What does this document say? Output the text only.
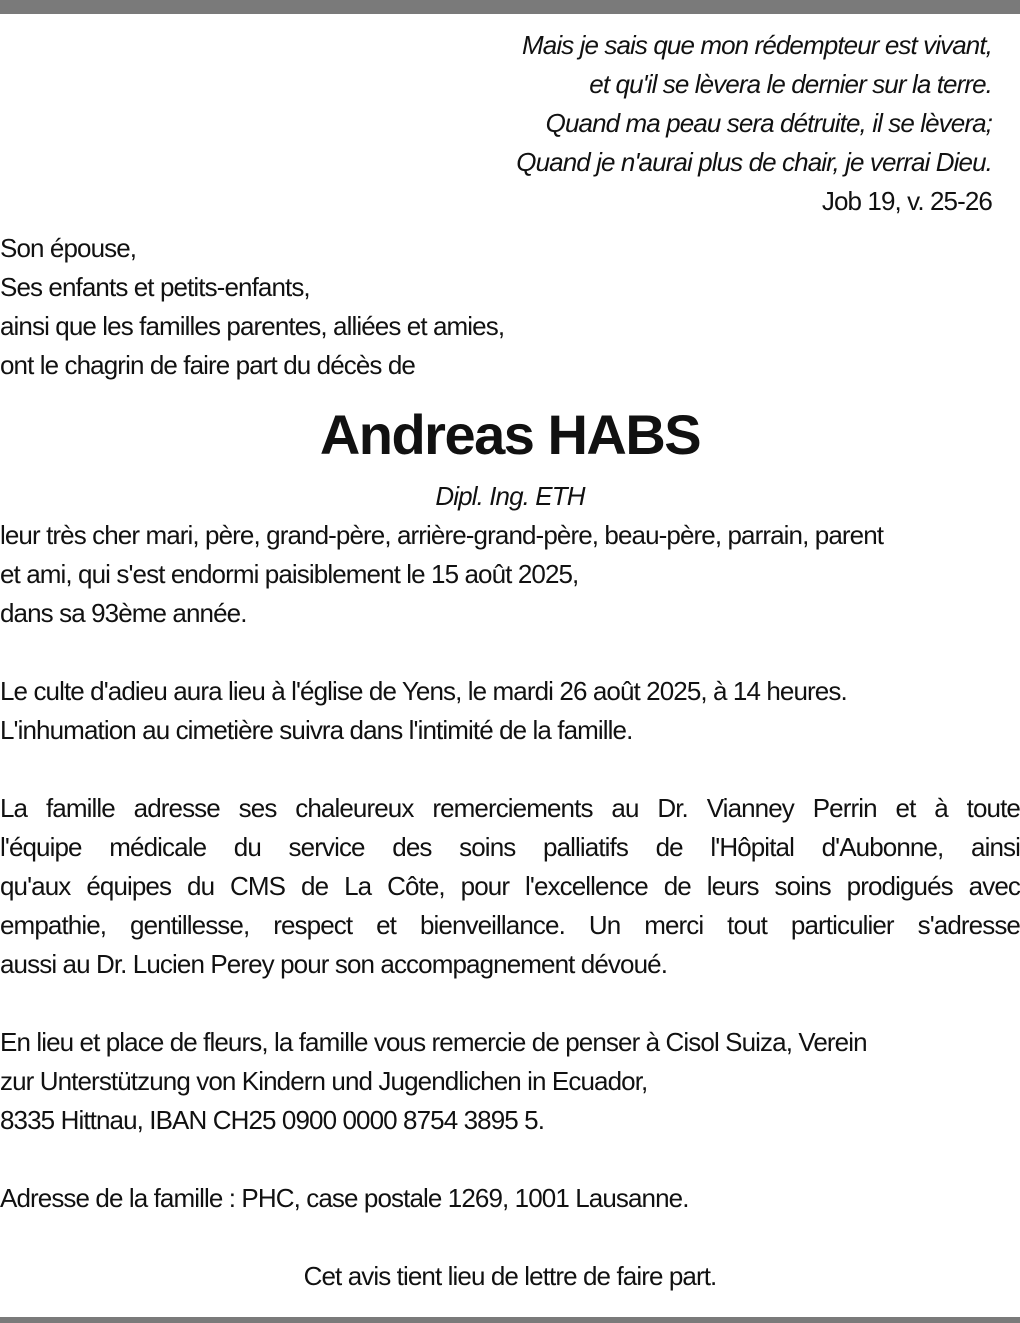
Mais je sais que mon rédempteur est vivant,
et qu'il se lèvera le dernier sur la terre.
Quand ma peau sera détruite, il se lèvera;
Quand je n'aurai plus de chair, je verrai Dieu.
Job 19, v. 25-26
Son épouse,
Ses enfants et petits-enfants,
ainsi que les familles parentes, alliées et amies,
ont le chagrin de faire part du décès de
Andreas HABS
Dipl. Ing. ETH
leur très cher mari, père, grand-père, arrière-grand-père, beau-père, parrain, parent
et ami, qui s'est endormi paisiblement le 15 août 2025,
dans sa 93ème année.
Le culte d'adieu aura lieu à l'église de Yens, le mardi 26 août 2025, à 14 heures.
L'inhumation au cimetière suivra dans l'intimité de la famille.
La famille adresse ses chaleureux remerciements au Dr. Vianney Perrin et à toute
l'équipe médicale du service des soins palliatifs de l'Hôpital d'Aubonne, ainsi
qu'aux équipes du CMS de La Côte, pour l'excellence de leurs soins prodigués avec
empathie, gentillesse, respect et bienveillance. Un merci tout particulier s'adresse
aussi au Dr. Lucien Perey pour son accompagnement dévoué.
En lieu et place de fleurs, la famille vous remercie de penser à Cisol Suiza, Verein
zur Unterstützung von Kindern und Jugendlichen in Ecuador,
8335 Hittnau, IBAN CH25 0900 0000 8754 3895 5.
Adresse de la famille : PHC, case postale 1269, 1001 Lausanne.
Cet avis tient lieu de lettre de faire part.
